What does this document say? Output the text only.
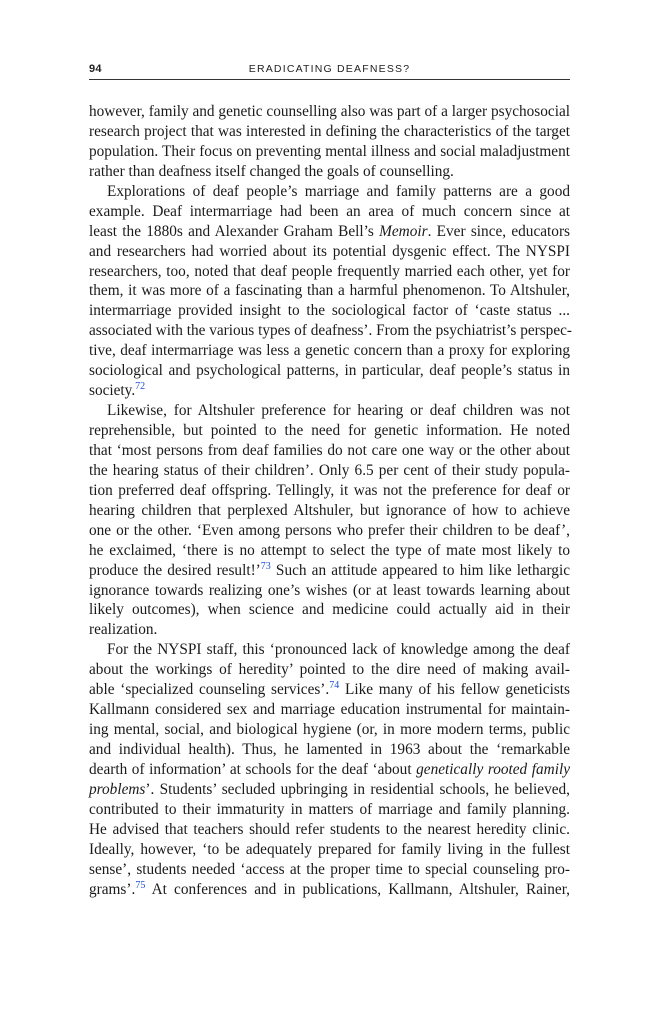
94	ERADICATING DEAFNESS?
however, family and genetic counselling also was part of a larger psychosocial
research project that was interested in defining the characteristics of the target
population. Their focus on preventing mental illness and social maladjustment
rather than deafness itself changed the goals of counselling.
Explorations of deaf people’s marriage and family patterns are a good
example. Deaf intermarriage had been an area of much concern since at
least the 1880s and Alexander Graham Bell’s Memoir. Ever since, educators
and researchers had worried about its potential dysgenic effect. The NYSPI
researchers, too, noted that deaf people frequently married each other, yet for
them, it was more of a fascinating than a harmful phenomenon. To Altshuler,
intermarriage provided insight to the sociological factor of ‘caste status ...
associated with the various types of deafness’. From the psychiatrist’s perspec-
tive, deaf intermarriage was less a genetic concern than a proxy for exploring
sociological and psychological patterns, in particular, deaf people’s status in
society.$^{72}$
Likewise, for Altshuler preference for hearing or deaf children was not
reprehensible, but pointed to the need for genetic information. He noted
that ‘most persons from deaf families do not care one way or the other about
the hearing status of their children’. Only 6.5 per cent of their study popula-
tion preferred deaf offspring. Tellingly, it was not the preference for deaf or
hearing children that perplexed Altshuler, but ignorance of how to achieve
one or the other. ‘Even among persons who prefer their children to be deaf’,
he exclaimed, ‘there is no attempt to select the type of mate most likely to
produce the desired result!’$^{73}$ Such an attitude appeared to him like lethargic
ignorance towards realizing one’s wishes (or at least towards learning about
likely outcomes), when science and medicine could actually aid in their
realization.
For the NYSPI staff, this ‘pronounced lack of knowledge among the deaf
about the workings of heredity’ pointed to the dire need of making avail-
able ‘specialized counseling services’.$^{74}$ Like many of his fellow geneticists
Kallmann considered sex and marriage education instrumental for maintain-
ing mental, social, and biological hygiene (or, in more modern terms, public
and individual health). Thus, he lamented in 1963 about the ‘remarkable
dearth of information’ at schools for the deaf ‘about genetically rooted family
problems’. Students’ secluded upbringing in residential schools, he believed,
contributed to their immaturity in matters of marriage and family planning.
He advised that teachers should refer students to the nearest heredity clinic.
Ideally, however, ‘to be adequately prepared for family living in the fullest
sense’, students needed ‘access at the proper time to special counseling pro-
grams’.$^{75}$ At conferences and in publications, Kallmann, Altshuler, Rainer,
